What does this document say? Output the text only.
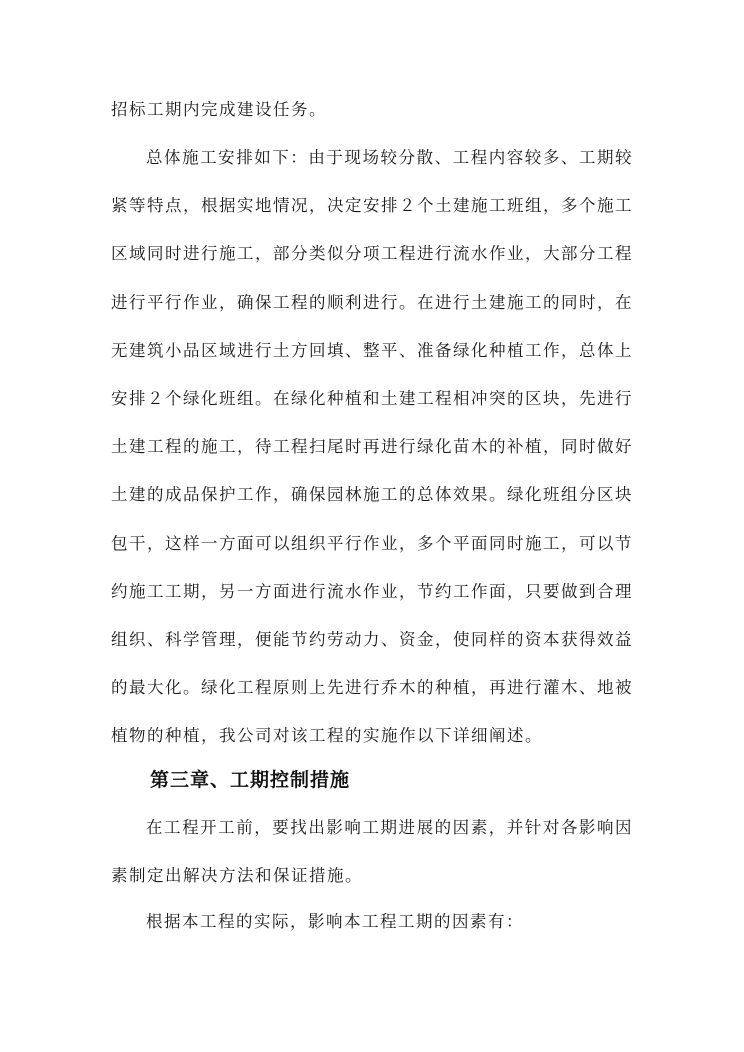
招标工期内完成建设任务。

总体施工安排如下：由于现场较分散、工程内容较多、工期较紧等特点，根据实地情况，决定安排２个土建施工班组，多个施工区域同时进行施工，部分类似分项工程进行流水作业，大部分工程进行平行作业，确保工程的顺利进行。在进行土建施工的同时，在无建筑小品区域进行土方回填、整平、准备绿化种植工作，总体上安排２个绿化班组。在绿化种植和土建工程相冲突的区块，先进行土建工程的施工，待工程扫尾时再进行绿化苗木的补植，同时做好土建的成品保护工作，确保园林施工的总体效果。绿化班组分区块包干，这样一方面可以组织平行作业，多个平面同时施工，可以节约施工工期，另一方面进行流水作业，节约工作面，只要做到合理组织、科学管理，便能节约劳动力、资金，使同样的资本获得效益的最大化。绿化工程原则上先进行乔木的种植，再进行灌木、地被植物的种植，我公司对该工程的实施作以下详细阐述。

第三章、工期控制措施

在工程开工前，要找出影响工期进展的因素，并针对各影响因素制定出解决方法和保证措施。

根据本工程的实际，影响本工程工期的因素有：
